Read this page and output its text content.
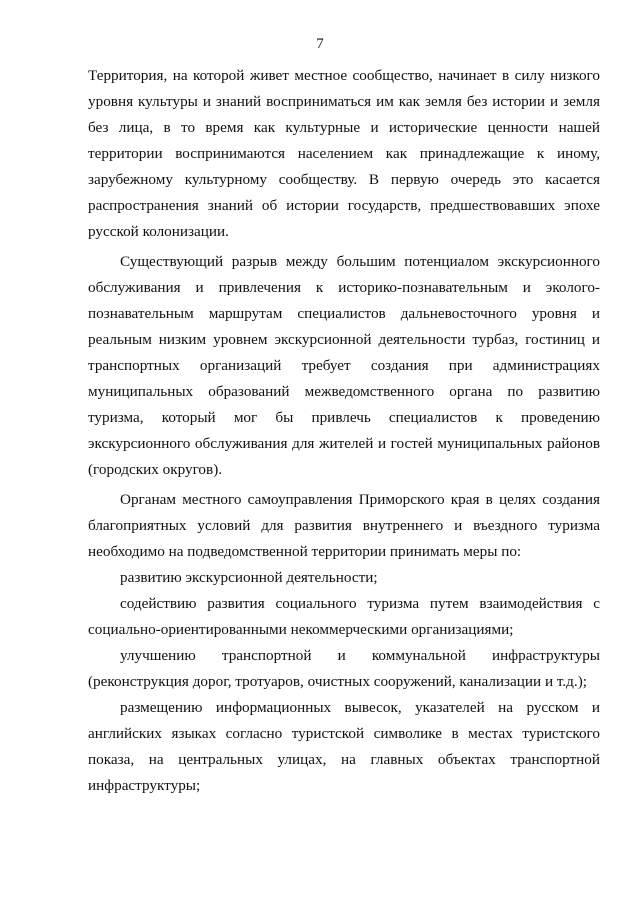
7

Территория, на которой живет местное сообщество, начинает в силу низкого уровня культуры и знаний восприниматься им как земля без истории и земля без лица, в то время как культурные и исторические ценности нашей территории воспринимаются населением как принадлежащие к иному, зарубежному культурному сообществу. В первую очередь это касается распространения знаний об истории государств, предшествовавших эпохе русской колонизации.

Существующий разрыв между большим потенциалом экскурсионного обслуживания и привлечения к историко-познавательным и эколого-познавательным маршрутам специалистов дальневосточного уровня и реальным низким уровнем экскурсионной деятельности турбаз, гостиниц и транспортных организаций требует создания при администрациях муниципальных образований межведомственного органа по развитию туризма, который мог бы привлечь специалистов к проведению экскурсионного обслуживания для жителей и гостей муниципальных районов (городских округов).

Органам местного самоуправления Приморского края в целях создания благоприятных условий для развития внутреннего и въездного туризма необходимо на подведомственной территории принимать меры по:

развитию экскурсионной деятельности;

содействию развития социального туризма путем взаимодействия с социально-ориентированными некоммерческими организациями;

улучшению транспортной и коммунальной инфраструктуры (реконструкция дорог, тротуаров, очистных сооружений, канализации и т.д.);

размещению информационных вывесок, указателей на русском и английских языках согласно туристской символике в местах туристского показа, на центральных улицах, на главных объектах транспортной инфраструктуры;
